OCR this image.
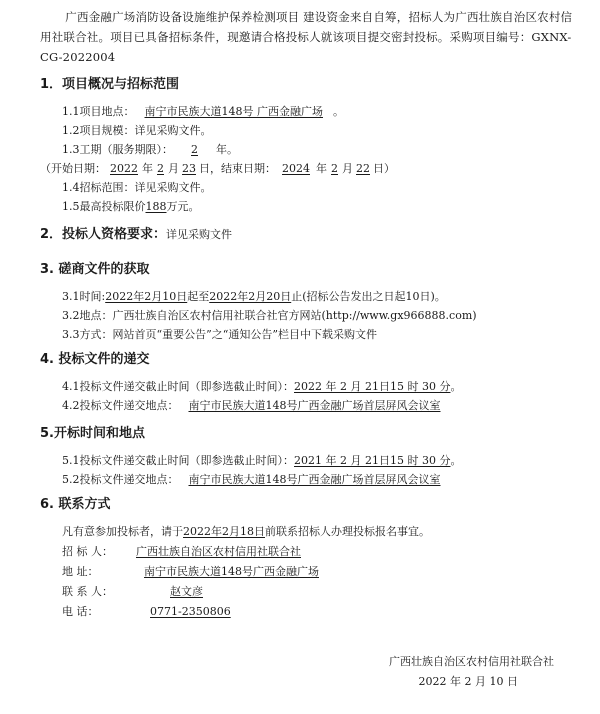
广西金融广场消防设备设施维护保养检测项目 建设资金来自自筹，招标人为广西壮族自治区农村信用社联合社。项目已具备招标条件，现邀请合格投标人就该项目提交密封投标。采购项目编号：GXNX-CG-2022004
1．项目概况与招标范围
1.1项目地点： 南宁市民族大道148号 广西金融广场 。
1.2项目规模：详见采购文件。
1.3工期（服务期限）： 2 年。
（开始日期： 2022 年 2 月 23 日，结束日期： 2024 年 2 月 22 日）
1.4招标范围：详见采购文件。
1.5最高投标限价188万元。
2．投标人资格要求：详见采购文件
3. 磋商文件的获取
3.1时间:2022年2月10日起至2022年2月20日止(招标公告发出之日起10日)。
3.2地点：广西壮族自治区农村信用社联合社官方网站(http://www.gx966888.com)
3.3方式：网站首页“重要公告”之“通知公告”栏目中下载采购文件
4. 投标文件的递交
4.1投标文件递交截止时间（即参选截止时间）：2022 年 2 月 21日15 时 30 分。
4.2投标文件递交地点： 南宁市民族大道148号广西金融广场首层屏风会议室
5.开标时间和地点
5.1投标文件递交截止时间（即参选截止时间）：2021 年 2 月 21日15 时 30 分。
5.2投标文件递交地点： 南宁市民族大道148号广西金融广场首层屏风会议室
6. 联系方式
凡有意参加投标者，请于2022年2月18日前联系招标人办理投标报名事宜。
招 标 人： 广西壮族自治区农村信用社联合社
地 址：	南宁市民族大道148号广西金融广场
联 系 人：	赵文彦
电 话：	0771-2350806
广西壮族自治区农村信用社联合社
2022 年 2 月 10 日
